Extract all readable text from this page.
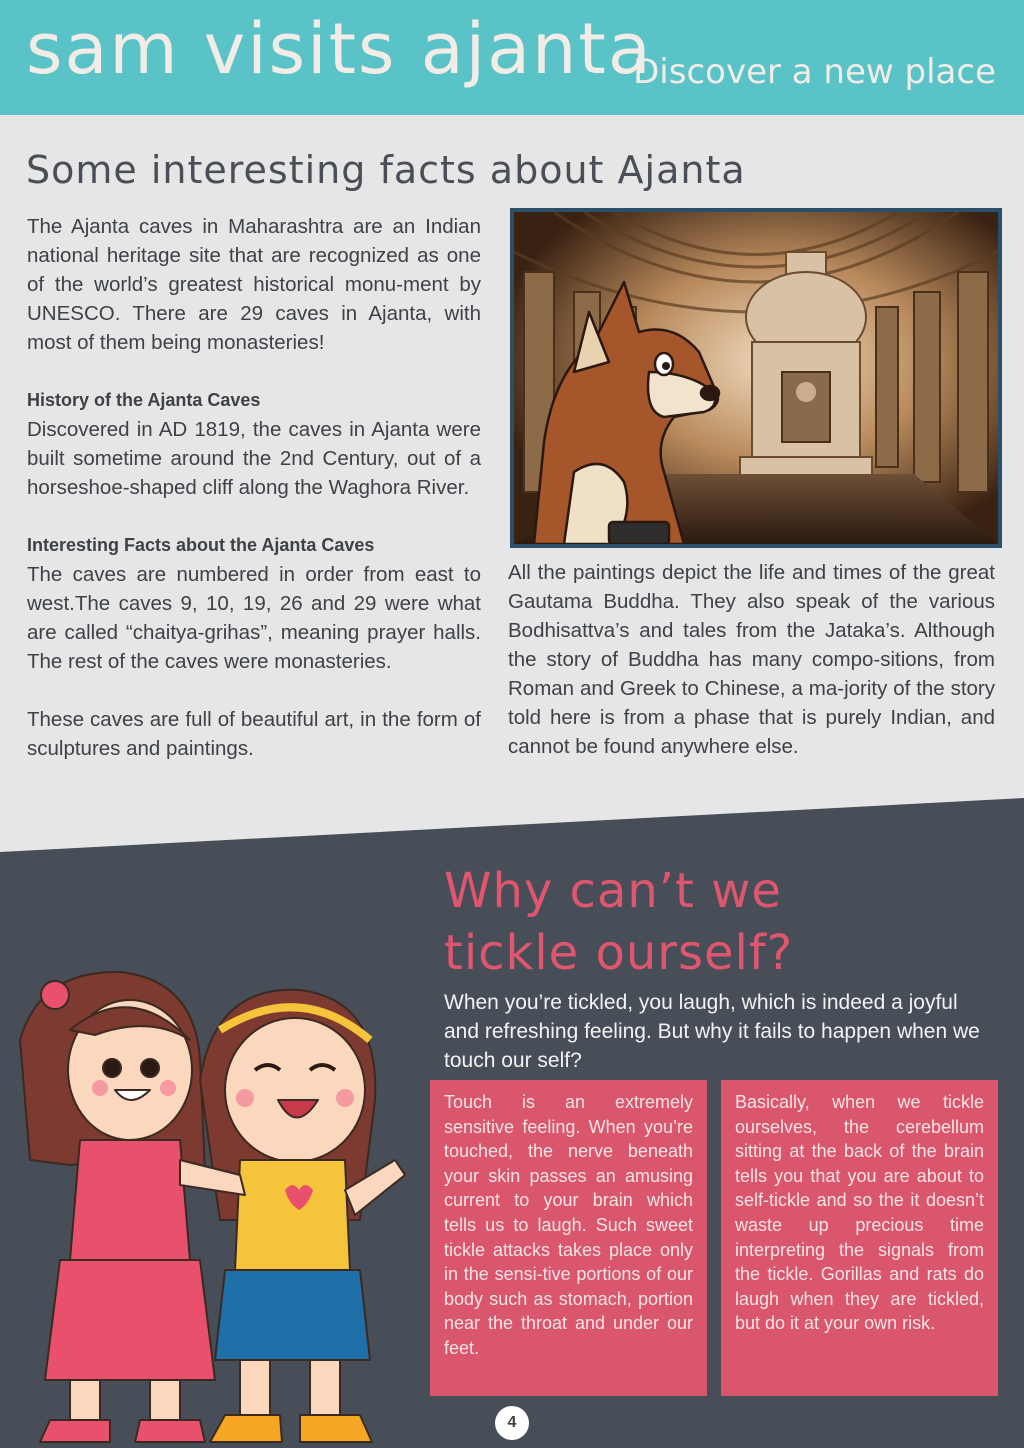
sam visits ajanta
Discover a new place
Some interesting facts about Ajanta

The Ajanta caves in Maharashtra are an Indian national heritage site that are recognized as one of the world’s greatest historical monu-ment by UNESCO. There are 29 caves in Ajanta, with most of them being monasteries!

History of the Ajanta Caves
Discovered in AD 1819, the caves in Ajanta were built sometime around the 2nd Century, out of a horseshoe-shaped cliff along the Waghora River.

Interesting Facts about the Ajanta Caves
The caves are numbered in order from east to west.The caves 9, 10, 19, 26 and 29 were what are called “chaitya-grihas”, meaning prayer halls. The rest of the caves were monasteries.

These caves are full of beautiful art, in the form of sculptures and paintings.

All the paintings depict the life and times of the great Gautama Buddha. They also speak of the various Bodhisattva’s and tales from the Jataka’s. Although the story of Buddha has many compo-sitions, from Roman and Greek to Chinese, a ma-jority of the story told here is from a phase that is purely Indian, and cannot be found anywhere else.

Why can’t we
tickle ourself?
When you’re tickled, you laugh, which is indeed a joyful and refreshing feeling. But why it fails to happen when we touch our self?
Touch is an extremely sensitive feeling. When you’re touched, the nerve beneath your skin passes an amusing current to your brain which tells us to laugh. Such sweet tickle attacks takes place only in the sensi-tive portions of our body such as stomach, portion near the throat and under our feet.
Basically, when we tickle ourselves, the cerebellum sitting at the back of the brain tells you that you are about to self-tickle and so the it doesn’t waste up precious time interpreting the signals from the tickle. Gorillas and rats do laugh when they are tickled, but do it at your own risk.
4
